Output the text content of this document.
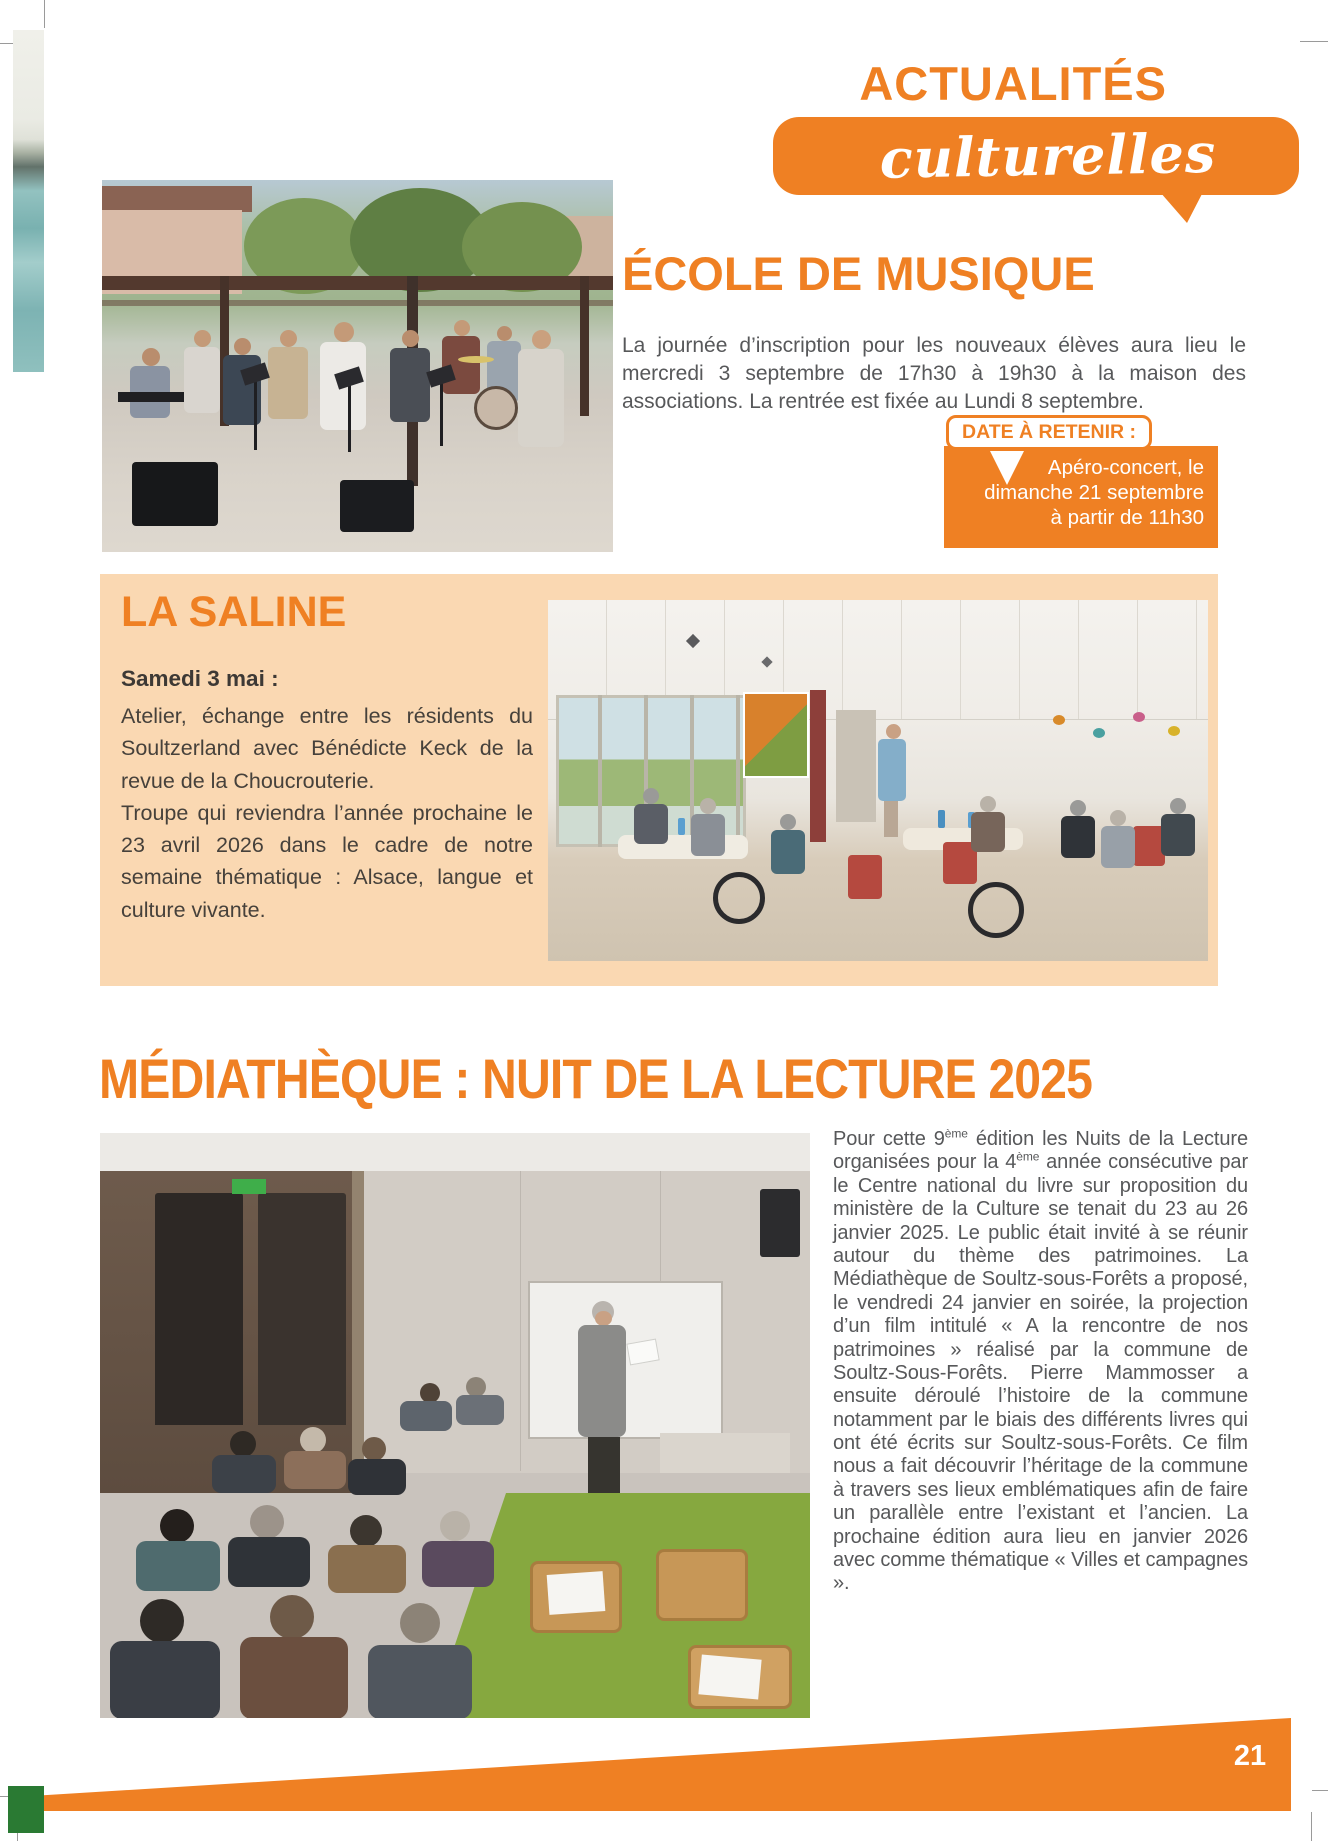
ACTUALITÉS
culturelles
ÉCOLE DE MUSIQUE
La journée d’inscription pour les nouveaux élèves aura lieu le mercredi 3 septembre de 17h30 à 19h30 à la maison des associations. La rentrée est fixée au Lundi 8 septembre.
DATE À RETENIR :
Apéro-concert, le
dimanche 21 septembre
à partir de 11h30
LA SALINE
Samedi 3 mai :

Atelier, échange entre les résidents du Soultzerland avec Bénédicte Keck de la revue de la Choucrouterie.

Troupe qui reviendra l’année prochaine le 23 avril 2026 dans le cadre de notre semaine thématique : Alsace, langue et culture vivante.

MÉDIATHÈQUE : NUIT DE LA LECTURE 2025
Pour cette 9ème édition les Nuits de la Lecture organisées pour la 4ème année consécutive par le Centre national du livre sur proposition du ministère de la Culture se tenait du 23 au 26 janvier 2025. Le public était invité à se réunir autour du thème des patrimoines. La Médiathèque de Soultz-sous-Forêts a proposé, le vendredi 24 janvier en soirée, la projection d’un film intitulé « A la rencontre de nos patrimoines » réalisé par la commune de Soultz-Sous-Forêts. Pierre Mammosser a ensuite déroulé l’histoire de la commune notamment par le biais des différents livres qui ont été écrits sur Soultz-sous-Forêts. Ce film nous a fait découvrir l’héritage de la commune à travers ses lieux emblématiques afin de faire un parallèle entre l’existant et l’ancien. La prochaine édition aura lieu en janvier 2026 avec comme thématique « Villes et campagnes ».
21
